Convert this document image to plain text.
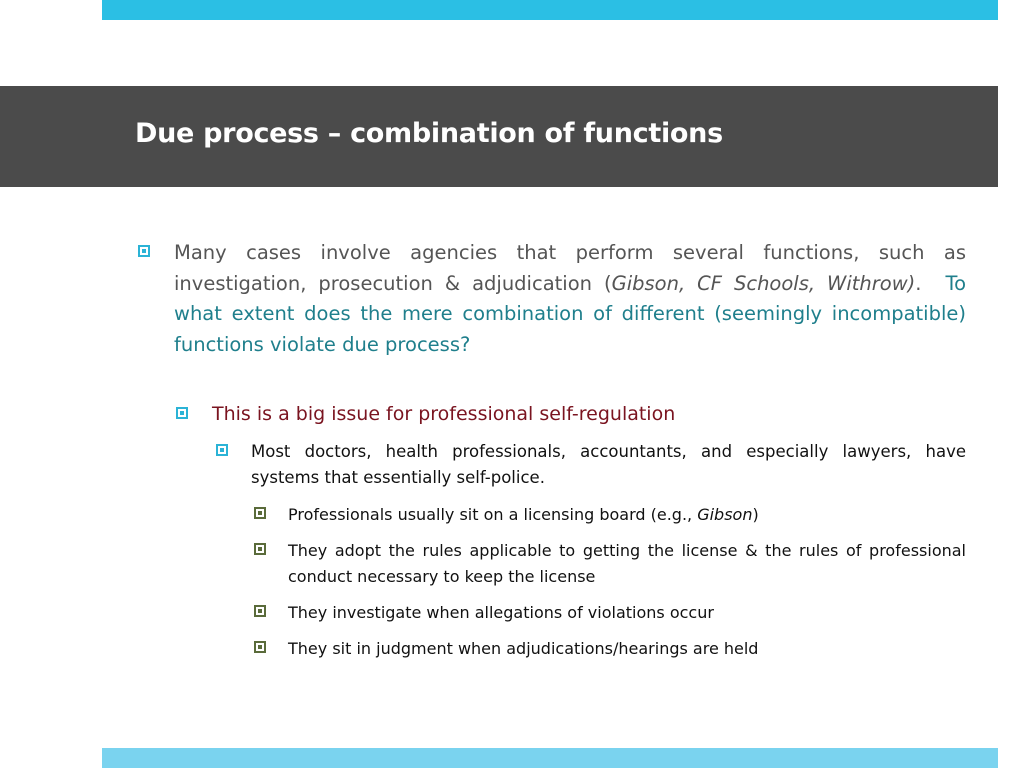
Due process – combination of functions

Many cases involve agencies that perform several functions, such as investigation, prosecution & adjudication (Gibson, CF Schools, Withrow). To what extent does the mere combination of different (seemingly incompatible) functions violate due process?

This is a big issue for professional self-regulation

Most doctors, health professionals, accountants, and especially lawyers, have systems that essentially self-police.

Professionals usually sit on a licensing board (e.g., Gibson)

They adopt the rules applicable to getting the license & the rules of professional conduct necessary to keep the license

They investigate when allegations of violations occur

They sit in judgment when adjudications/hearings are held
